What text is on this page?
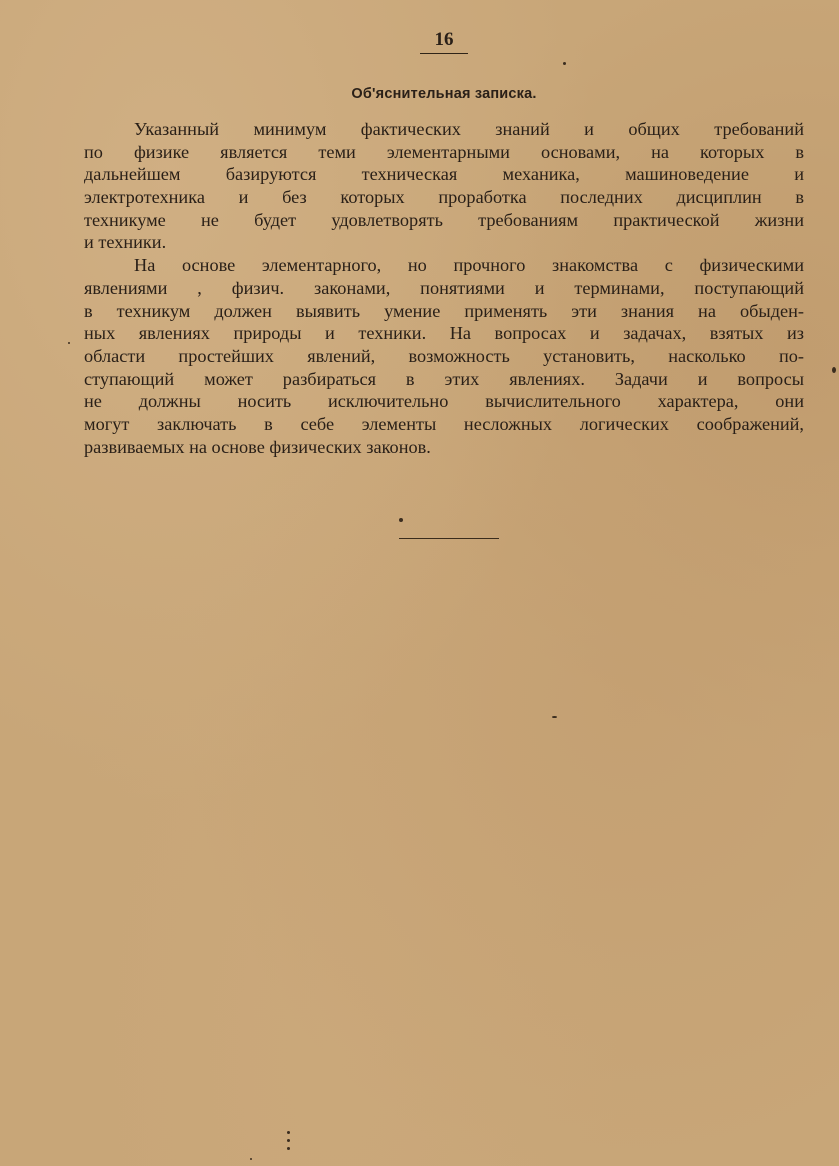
16
Об'яснительная записка.
Указанный минимум фактических знаний и общих требований
по физике является теми элементарными основами, на которых в
дальнейшем базируются техническая механика, машиноведение и
электротехника и без которых проработка последних дисциплин в
техникуме не будет удовлетворять требованиям практической жизни
и техники.
На основе элементарного, но прочного знакомства с физическими
явлениями , физич. законами, понятиями и терминами, поступающий
в техникум должен выявить умение применять эти знания на обыден-
ных явлениях природы и техники. На вопросах и задачах, взятых из
области простейших явлений, возможность установить, насколько по-
ступающий может разбираться в этих явлениях. Задачи и вопросы
не должны носить исключительно вычислительного характера, они
могут заключать в себе элементы несложных логических соображений,
развиваемых на основе физических законов.
